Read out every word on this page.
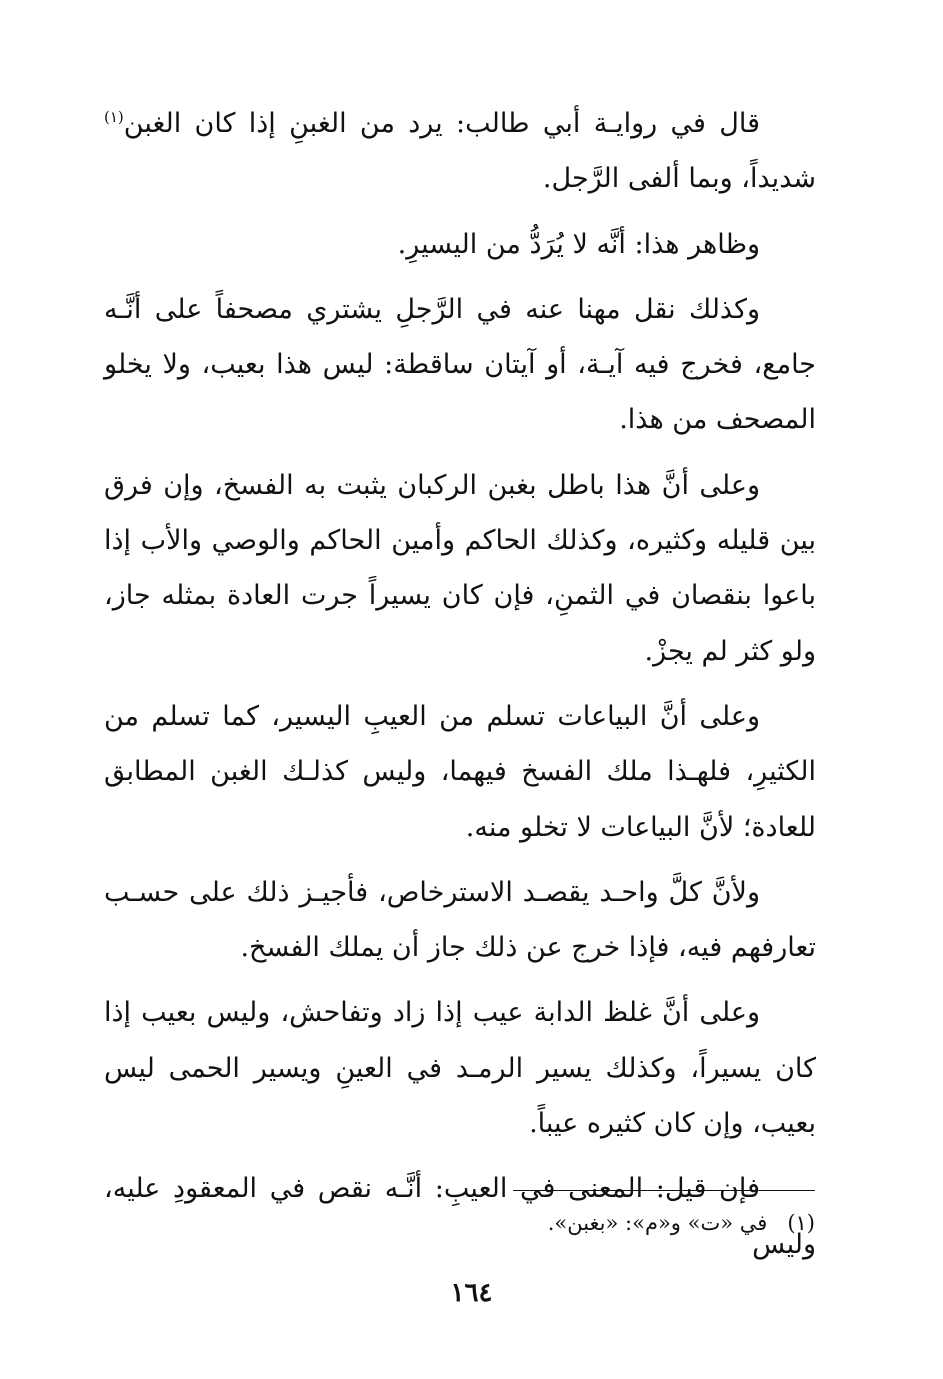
قال في روايـة أبي طالب: يرد من الغبنِ إذا كان الغبن$^{(١)}$ شديداً، وبما ألفى الرَّجل.

وظاهر هذا: أنَّه لا يُرَدُّ من اليسيرِ.

وكذلك نقل مهنا عنه في الرَّجلِ يشتري مصحفاً على أنَّـه جامع، فخرج فيه آيـة، أو آيتان ساقطة: ليس هذا بعيب، ولا يخلو المصحف من هذا.

وعلى أنَّ هذا باطل بغبن الركبان يثبت به الفسخ، وإن فرق بين قليله وكثيره، وكذلك الحاكم وأمين الحاكم والوصي والأب إذا باعوا بنقصان في الثمنِ، فإن كان يسيراً جرت العادة بمثله جاز، ولو كثر لم يجزْ.

وعلى أنَّ البياعات تسلم من العيبِ اليسير، كما تسلم من الكثيرِ، فلهـذا ملك الفسخ فيهما، وليس كذلـك الغبن المطابق للعادة؛ لأنَّ البياعات لا تخلو منه.

ولأنَّ كلَّ واحـد يقصـد الاسترخاص، فأجيـز ذلك على حسـب تعارفهم فيه، فإذا خرج عن ذلك جاز أن يملك الفسخ.

وعلى أنَّ غلظ الدابة عيب إذا زاد وتفاحش، وليس بعيب إذا كان يسيراً، وكذلك يسير الرمـد في العينِ ويسير الحمى ليس بعيب، وإن كان كثيره عيباً.

فإن قيل: المعنى في العيبِ: أنَّـه نقص في المعقودِ عليه، وليس

(١)في «ت» و«م»: «بغبن».
١٦٤
